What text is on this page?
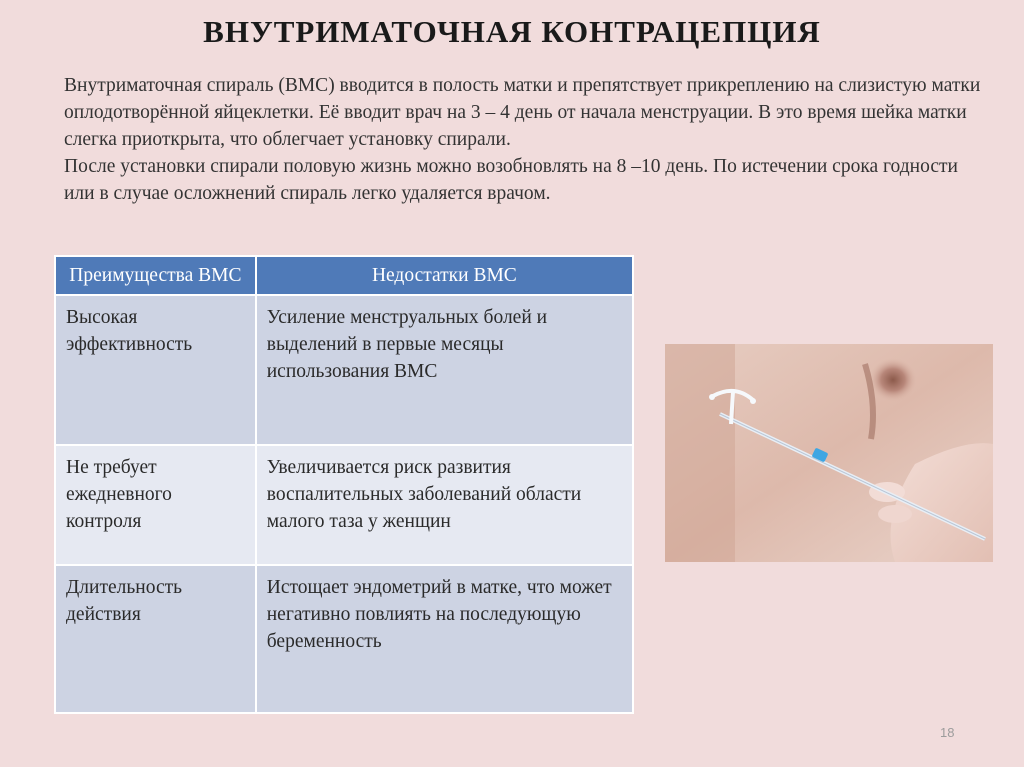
ВНУТРИМАТОЧНАЯ КОНТРАЦЕПЦИЯ

Внутриматочная спираль (ВМС) вводится в полость матки и препятствует прикреплению на слизистую матки оплодотворённой яйцеклетки. Её вводит врач на 3 – 4 день от начала менструации. В это время шейка матки слегка приоткрыта, что облегчает установку спирали.

После установки спирали половую жизнь можно возобновлять на 8 –10 день. По истечении срока годности или в случае осложнений спираль легко удаляется врачом.

Преимущества ВМС	Недостатки ВМС
Высокая эффективность	Усиление менструальных болей и выделений в первые месяцы использования ВМС
Не требует ежедневного контроля	Увеличивается риск развития воспалительных заболеваний области малого таза у женщин
Длительность действия	Истощает эндометрий в матке, что может негативно повлиять на последующую беременность
18
